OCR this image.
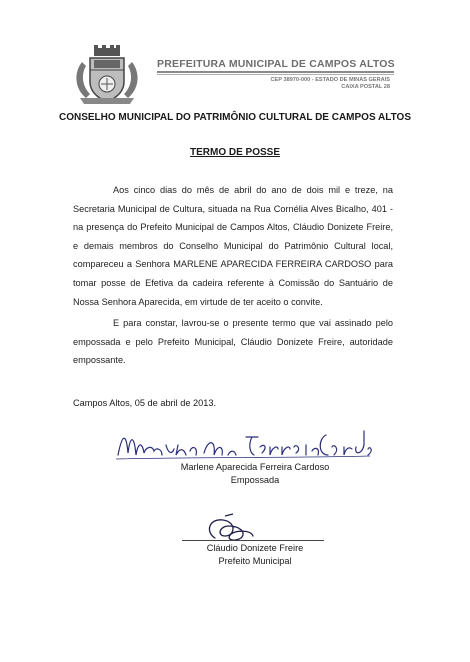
PREFEITURA MUNICIPAL DE CAMPOS ALTOS
CEP 38970-000 - ESTADO DE MINAS GERAIS
CAIXA POSTAL 28
CONSELHO MUNICIPAL DO PATRIMÔNIO CULTURAL DE CAMPOS ALTOS
TERMO DE POSSE

Aos cinco dias do mês de abril do ano de dois mil e treze, na Secretaria Municipal de Cultura, situada na Rua Cornélia Alves Bicalho, 401 - na presença do Prefeito Municipal de Campos Altos, Cláudio Donizete Freire, e demais membros do Conselho Municipal do Patrimônio Cultural local, compareceu a Senhora MARLENE APARECIDA FERREIRA CARDOSO para tomar posse de Efetiva da cadeira referente à Comissão do Santuário de Nossa Senhora Aparecida, em virtude de ter aceito o convite.

E para constar, lavrou-se o presente termo que vai assinado pelo empossada e pelo Prefeito Municipal, Cláudio Donizete Freire, autoridade empossante.

Campos Altos, 05 de abril de 2013.
Marlene Aparecida Ferreira Cardoso
Empossada
Cláudio Donizete Freire
Prefeito Municipal
